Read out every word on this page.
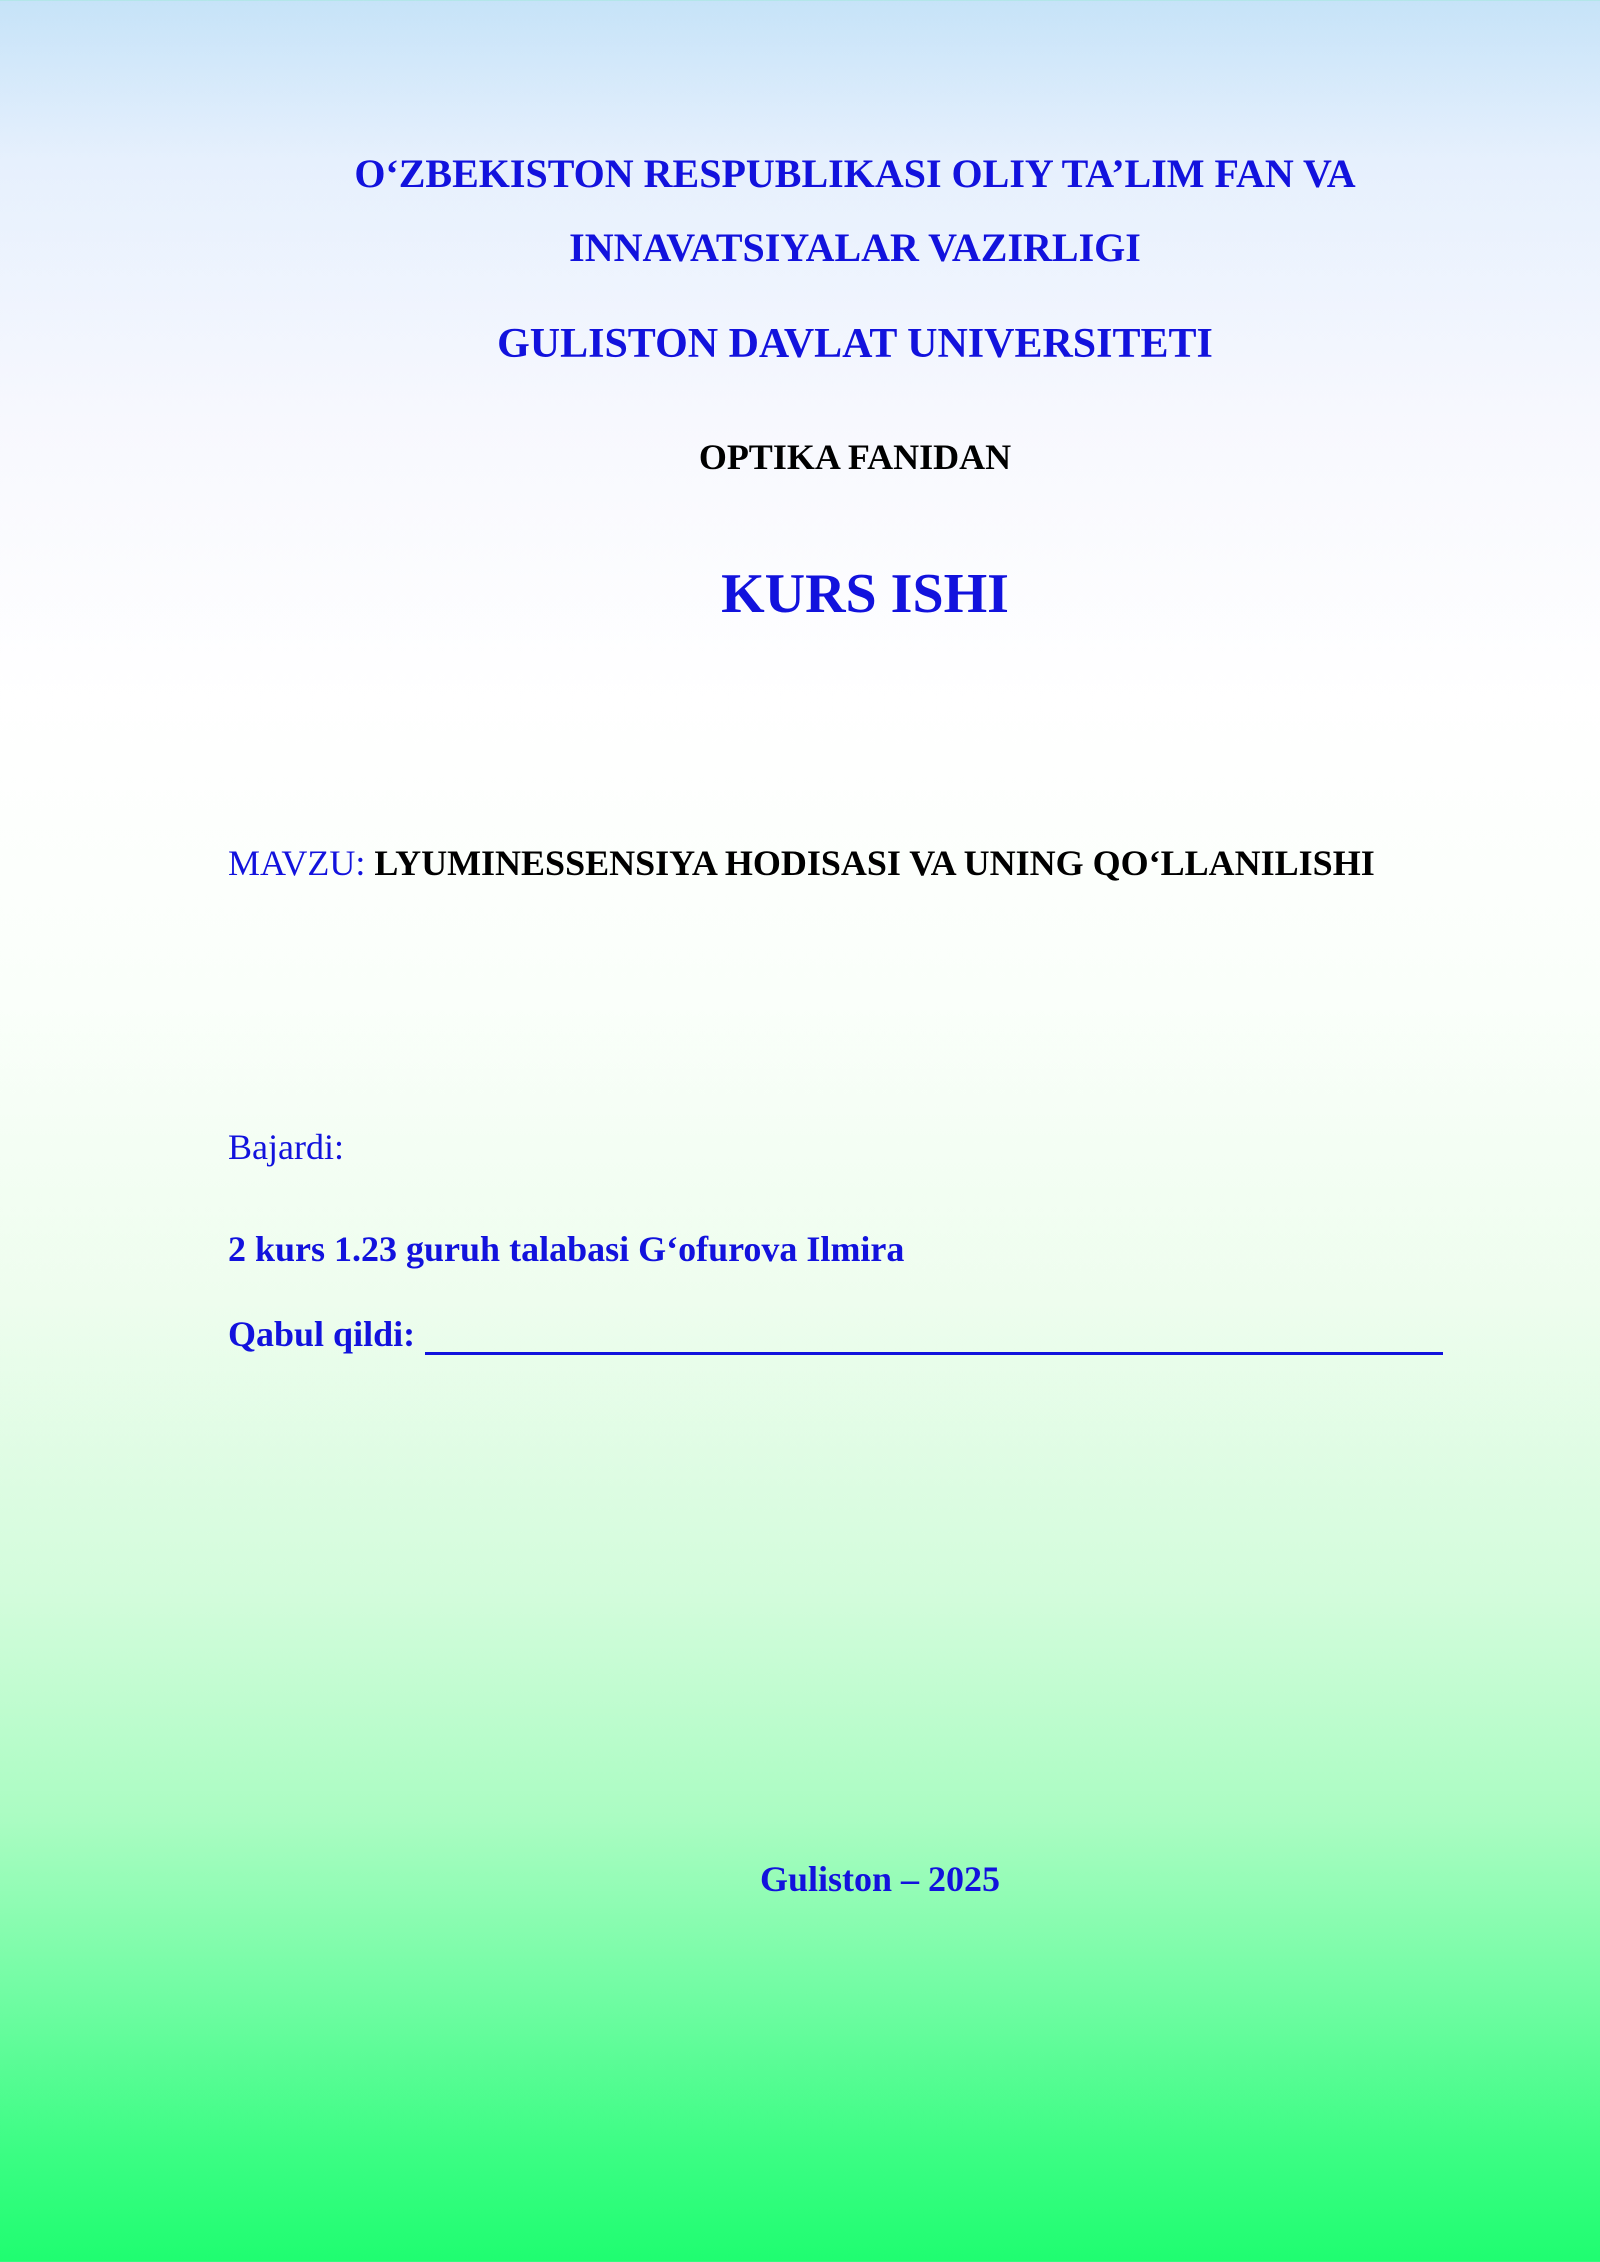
O‘ZBEKISTON RESPUBLIKASI OLIY TA’LIM FAN VA
INNAVATSIYALAR VAZIRLIGI
GULISTON DAVLAT UNIVERSITETI
OPTIKA FANIDAN
KURS ISHI
MAVZU: LYUMINESSENSIYA HODISASI VA UNING QO‘LLANILISHI
Bajardi:
2 kurs 1.23 guruh talabasi G‘ofurova Ilmira
Qabul qildi:
Guliston – 2025
